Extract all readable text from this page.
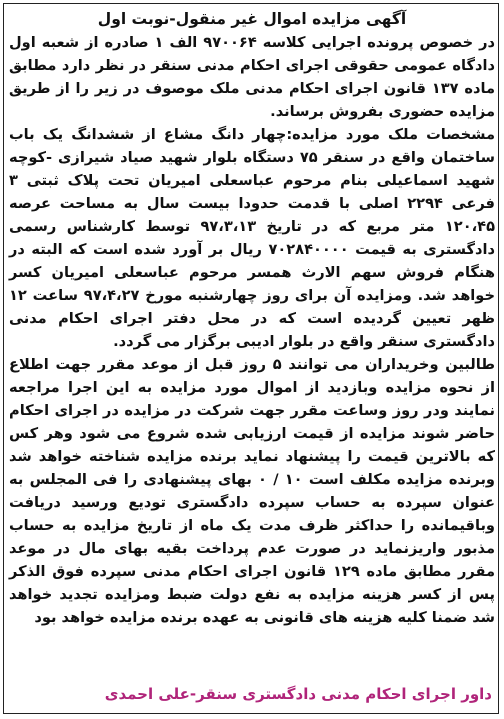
آگهی مزایده اموال غیر منقول-نوبت اول

در خصوص پرونده اجرایی کلاسه ۹۷۰۰۶۴ الف ۱ صادره از شعبه اول دادگاه عمومی حقوقی اجرای احکام مدنی سنقر در نظر دارد مطابق ماده ۱۳۷ قانون اجرای احکام مدنی ملک موصوف در زیر را از طریق مزایده حضوری بفروش برساند.

مشخصات ملک مورد مزایده:چهار دانگ مشاع از ششدانگ یک باب ساختمان واقع در سنقر ۷۵ دستگاه بلوار شهید صیاد شیرازی -کوچه شهید اسماعیلی بنام مرحوم عباسعلی امیریان تحت پلاک ثبتی ۳ فرعی ۲۲۹۴ اصلی با قدمت حدودا بیست سال به مساحت عرصه ۱۲۰،۴۵ متر مربع که در تاریخ ۹۷،۳،۱۳ توسط کارشناس رسمی دادگستری به قیمت ۷۰۲۸۴۰۰۰۰ ریال بر آورد شده است که البته در هنگام فروش سهم الارث همسر مرحوم عباسعلی امیریان کسر خواهد شد. ومزایده آن برای روز چهارشنبه مورخ ۹۷،۴،۲۷ ساعت ۱۲ ظهر تعیین گردیده است که در محل دفتر اجرای احکام مدنی دادگستری سنقر واقع در بلوار ادیبی برگزار می گردد.

طالبین وخریداران می توانند ۵ روز قبل از موعد مقرر جهت اطلاع از نحوه مزایده وبازدید از اموال مورد مزایده به این اجرا مراجعه نمایند ودر روز وساعت مقرر جهت شرکت در مزایده در اجرای احکام حاضر شوند مزایده از قیمت ارزیابی شده شروع می شود وهر کس که بالاترین قیمت را پیشنهاد نماید برنده مزایده شناخته خواهد شد وبرنده مزایده مکلف است ۱۰ / ۰ بهای پیشنهادی را فی المجلس به عنوان سپرده به حساب سپرده دادگستری تودیع ورسید دریافت وباقیمانده را حداکثر ظرف مدت یک ماه از تاریخ مزایده به حساب مذبور واریزنماید در صورت عدم پرداخت بقیه بهای مال در موعد مقرر مطابق ماده ۱۲۹ قانون اجرای احکام مدنی سپرده فوق الذکر پس از کسر هزینه مزایده به نفع دولت ضبط ومزایده تجدید خواهد شد ضمنا کلیه هزینه های قانونی به عهده برنده مزایده خواهد بود

داور اجرای احکام مدنی دادگستری سنقر-علی احمدی
